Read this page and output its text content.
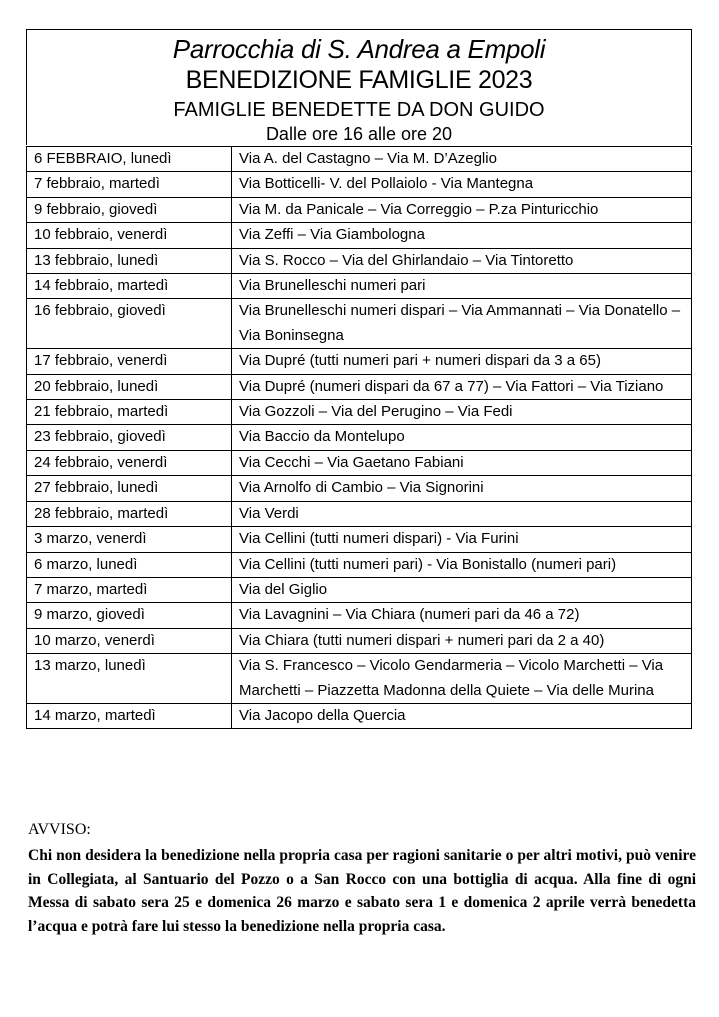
Parrocchia di S. Andrea a Empoli
BENEDIZIONE FAMIGLIE 2023
FAMIGLIE BENEDETTE DA DON GUIDO
Dalle ore 16 alle ore 20
6 FEBBRAIO, lunedì	Via A. del Castagno – Via M. D’Azeglio
7 febbraio, martedì	Via Botticelli- V. del Pollaiolo - Via Mantegna
9 febbraio, giovedì	Via M. da Panicale – Via Correggio – P.za Pinturicchio
10 febbraio, venerdì	Via Zeffi – Via Giambologna
13 febbraio, lunedì	Via S. Rocco – Via del Ghirlandaio – Via Tintoretto
14 febbraio, martedì	Via Brunelleschi numeri pari
16 febbraio, giovedì	Via Brunelleschi numeri dispari – Via Ammannati – Via Donatello – Via Boninsegna
17 febbraio, venerdì	Via Dupré (tutti numeri pari + numeri dispari da 3 a 65)
20 febbraio, lunedì	Via Dupré (numeri dispari da 67 a 77) – Via Fattori – Via Tiziano
21 febbraio, martedì	Via Gozzoli – Via del Perugino – Via Fedi
23 febbraio, giovedì	Via Baccio da Montelupo
24 febbraio, venerdì	Via Cecchi – Via Gaetano Fabiani
27 febbraio, lunedì	Via Arnolfo di Cambio – Via Signorini
28 febbraio, martedì	Via Verdi
3 marzo, venerdì	Via Cellini (tutti numeri dispari) - Via Furini
6 marzo, lunedì	Via Cellini (tutti numeri pari) - Via Bonistallo (numeri pari)
7 marzo, martedì	Via del Giglio
9 marzo, giovedì	Via Lavagnini – Via Chiara (numeri pari da 46 a 72)
10 marzo, venerdì	Via Chiara (tutti numeri dispari + numeri pari da 2 a 40)
13 marzo, lunedì	Via S. Francesco – Vicolo Gendarmeria – Vicolo Marchetti – Via Marchetti – Piazzetta Madonna della Quiete – Via delle Murina
14 marzo, martedì	Via Jacopo della Quercia
AVVISO:
Chi non desidera la benedizione nella propria casa per ragioni sanitarie o per altri motivi, può venire in Collegiata, al Santuario del Pozzo o a San Rocco con una bottiglia di acqua. Alla fine di ogni Messa di sabato sera 25 e domenica 26 marzo e sabato sera 1 e domenica 2 aprile verrà benedetta l’acqua e potrà fare lui stesso la benedizione nella propria casa.
